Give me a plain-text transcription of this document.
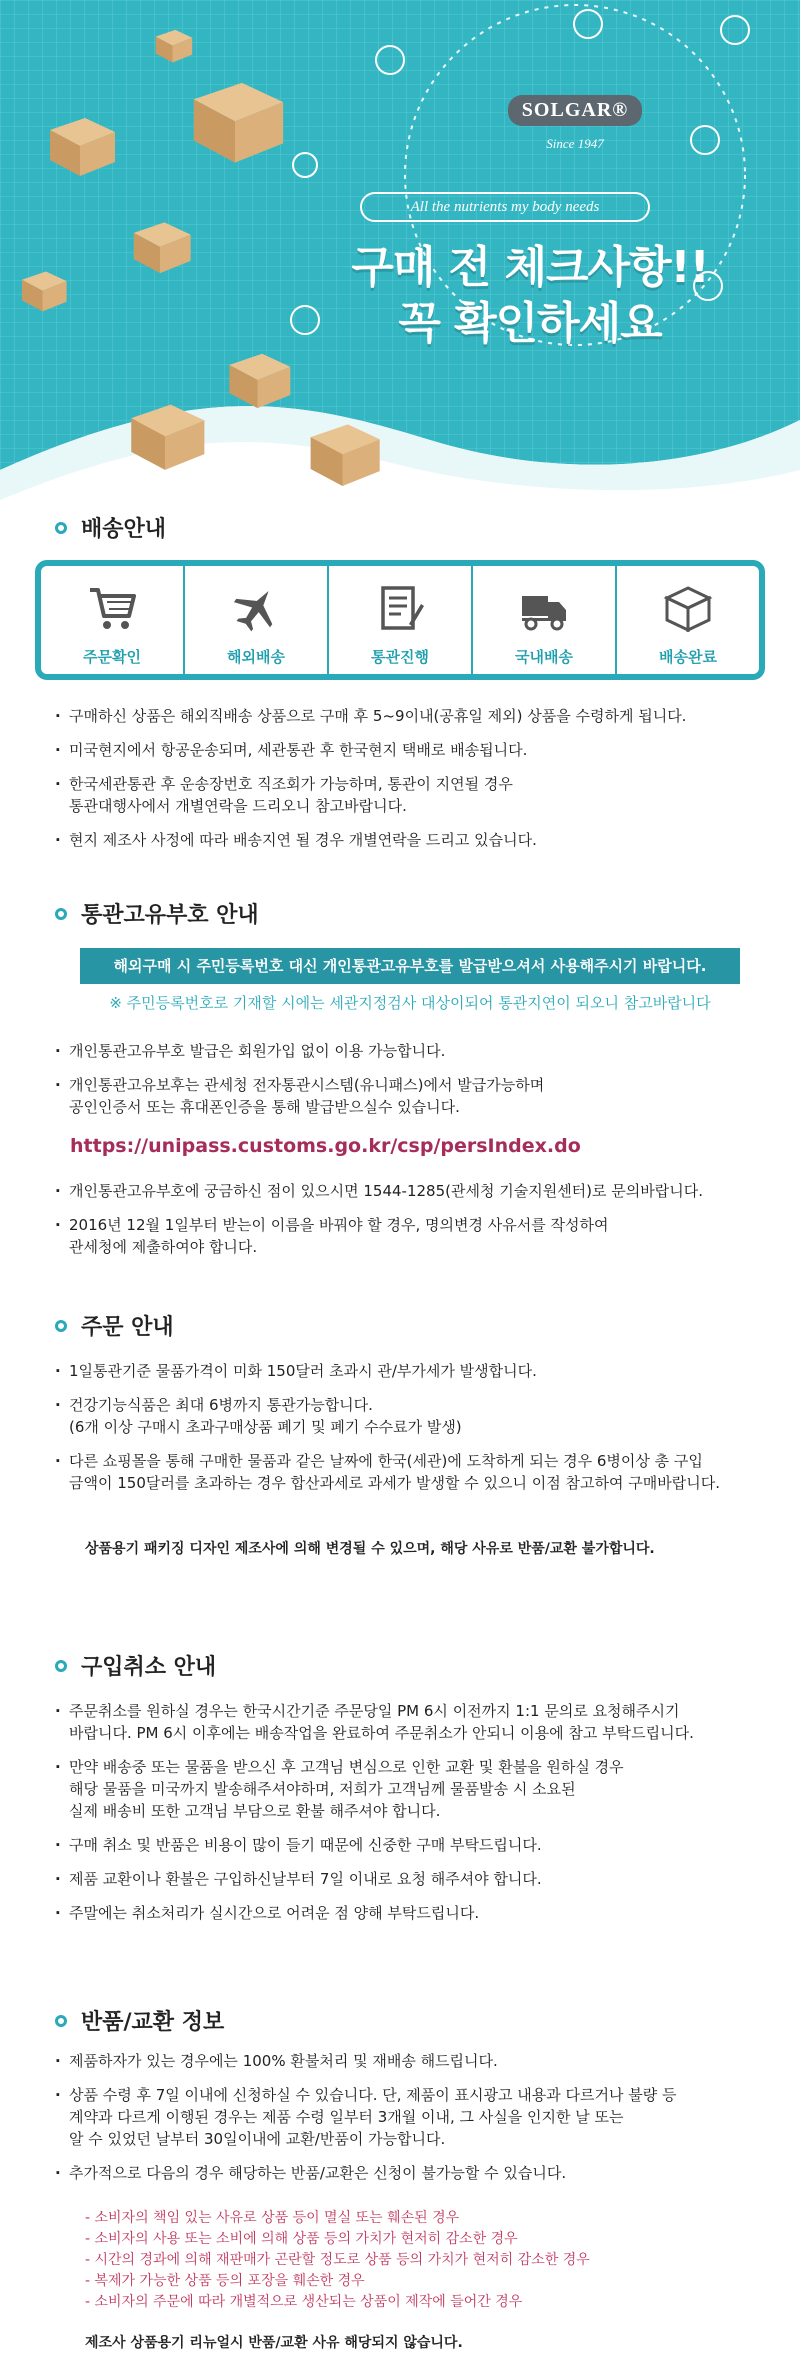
SOLGAR®
Since 1947
All the nutrients my body needs
구매 전 체크사항!!
꼭 확인하세요
배송안내
주문확인	해외배송	통관진행	국내배송	배송완료
· 구매하신 상품은 해외직배송 상품으로 구매 후 5~9이내(공휴일 제외) 상품을 수령하게 됩니다.
· 미국현지에서 항공운송되며, 세관통관 후 한국현지 택배로 배송됩니다.
· 한국세관통관 후 운송장번호 직조회가 가능하며, 통관이 지연될 경우
통관대행사에서 개별연락을 드리오니 참고바랍니다.
· 현지 제조사 사정에 따라 배송지연 될 경우 개별연락을 드리고 있습니다.
통관고유부호 안내
해외구매 시 주민등록번호 대신 개인통관고유부호를 발급받으셔서 사용해주시기 바랍니다.
※ 주민등록번호로 기재할 시에는 세관지정검사 대상이되어 통관지연이 되오니 참고바랍니다
· 개인통관고유부호 발급은 회원가입 없이 이용 가능합니다.
· 개인통관고유보후는 관세청 전자통관시스템(유니패스)에서 발급가능하며
공인인증서 또는 휴대폰인증을 통해 발급받으실수 있습니다.
https://unipass.customs.go.kr/csp/persIndex.do
· 개인통관고유부호에 궁금하신 점이 있으시면 1544-1285(관세청 기술지원센터)로 문의바랍니다.
· 2016년 12월 1일부터 받는이 이름을 바꿔야 할 경우, 명의변경 사유서를 작성하여
관세청에 제출하여야 합니다.
주문 안내
· 1일통관기준 물품가격이 미화 150달러 초과시 관/부가세가 발생합니다.
· 건강기능식품은 최대 6병까지 통관가능합니다.
(6개 이상 구매시 초과구매상품 폐기 및 폐기 수수료가 발생)
· 다른 쇼핑몰을 통해 구매한 물품과 같은 날짜에 한국(세관)에 도착하게 되는 경우 6병이상 총 구입
금액이 150달러를 초과하는 경우 합산과세로 과세가 발생할 수 있으니 이점 참고하여 구매바랍니다.
상품용기 패키징 디자인 제조사에 의해 변경될 수 있으며, 해당 사유로 반품/교환 불가합니다.
구입취소 안내
· 주문취소를 원하실 경우는 한국시간기준 주문당일 PM 6시 이전까지 1:1 문의로 요청해주시기
바랍니다. PM 6시 이후에는 배송작업을 완료하여 주문취소가 안되니 이용에 참고 부탁드립니다.
· 만약 배송중 또는 물품을 받으신 후 고객님 변심으로 인한 교환 및 환불을 원하실 경우
해당 물품을 미국까지 발송해주셔야하며, 저희가 고객님께 물품발송 시 소요된
실제 배송비 또한 고객님 부담으로 환불 해주셔야 합니다.
· 구매 취소 및 반품은 비용이 많이 들기 때문에 신중한 구매 부탁드립니다.
· 제품 교환이나 환불은 구입하신날부터 7일 이내로 요청 해주셔야 합니다.
· 주말에는 취소처리가 실시간으로 어려운 점 양해 부탁드립니다.
반품/교환 정보
· 제품하자가 있는 경우에는 100% 환불처리 및 재배송 해드립니다.
· 상품 수령 후 7일 이내에 신청하실 수 있습니다. 단, 제품이 표시광고 내용과 다르거나 불량 등
계약과 다르게 이행된 경우는 제품 수령 일부터 3개월 이내, 그 사실을 인지한 날 또는
알 수 있었던 날부터 30일이내에 교환/반품이 가능합니다.
· 추가적으로 다음의 경우 해당하는 반품/교환은 신청이 불가능할 수 있습니다.
- 소비자의 책임 있는 사유로 상품 등이 멸실 또는 훼손된 경우
- 소비자의 사용 또는 소비에 의해 상품 등의 가치가 현저히 감소한 경우
- 시간의 경과에 의해 재판매가 곤란할 정도로 상품 등의 가치가 현저히 감소한 경우
- 복제가 가능한 상품 등의 포장을 훼손한 경우
- 소비자의 주문에 따라 개별적으로 생산되는 상품이 제작에 들어간 경우
제조사 상품용기 리뉴얼시 반품/교환 사유 해당되지 않습니다.
